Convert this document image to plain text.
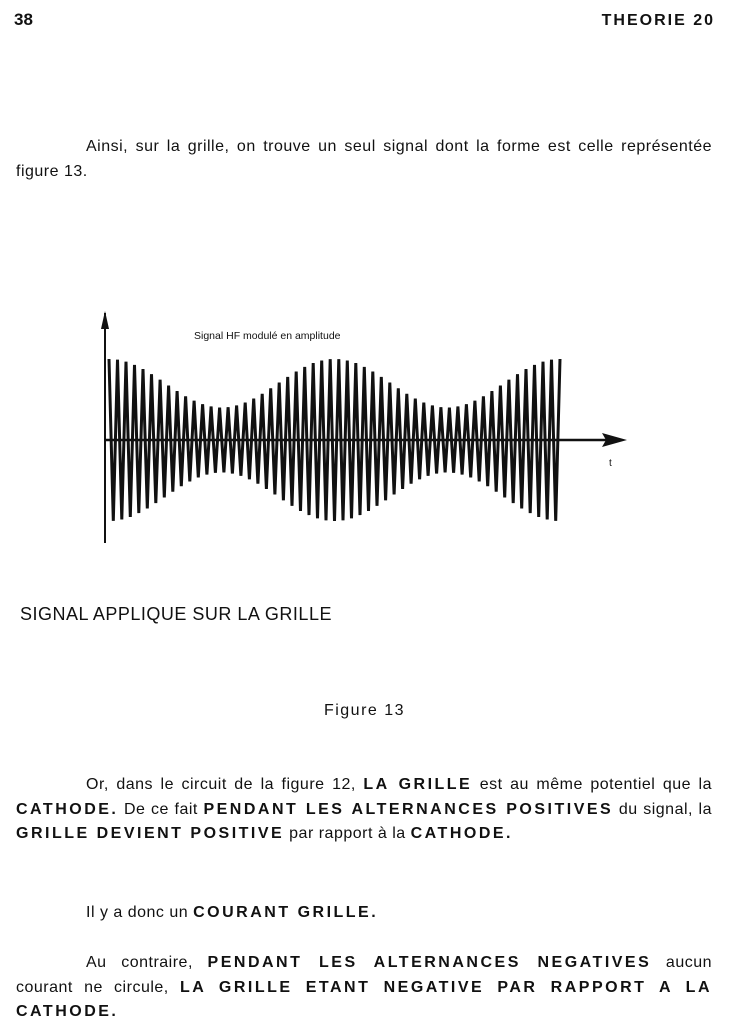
38	THEORIE 20

Ainsi, sur la grille, on trouve un seul signal dont la forme est celle représentée figure 13.

Signal HF modulé en amplitude
t
SIGNAL APPLIQUE SUR LA GRILLE
Figure 13

Or, dans le circuit de la figure 12, LA GRILLE est au même potentiel que la CATHODE. De ce fait PENDANT LES ALTERNANCES POSITIVES du signal, la GRILLE DEVIENT POSITIVE par rapport à la CATHODE.

Il y a donc un COURANT GRILLE.

Au contraire, PENDANT LES ALTERNANCES NEGATIVES aucun courant ne circule, LA GRILLE ETANT NEGATIVE PAR RAPPORT A LA CATHODE.
